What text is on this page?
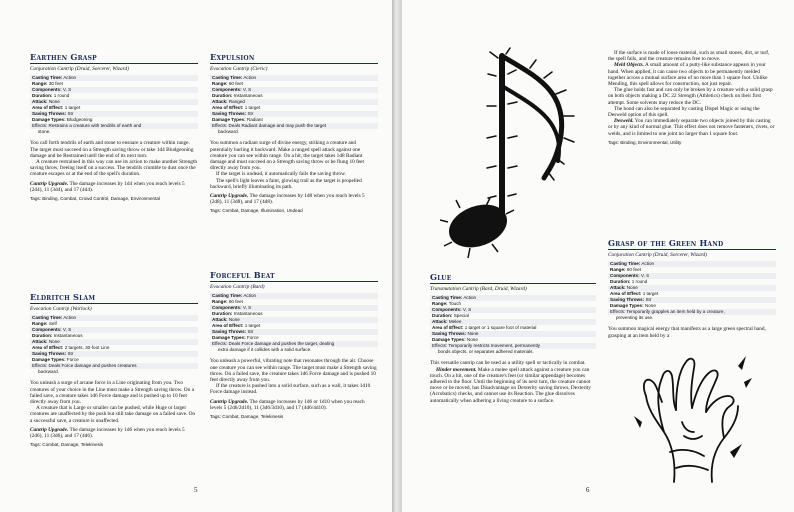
Earthen Grasp
Conjuration Cantrip (Druid, Sorcerer, Wizard)
Casting Time: Action
Range: 30 feet
Components: V, S
Duration: 1 round
Attack: None
Area of Effect: 1 target
Saving Throws: Str
Damage Types: Bludgeoning
Effects: Restrains a creature with tendrils of earth and
stone.

You call forth tendrils of earth and stone to ensnare a creature within range. The target must succeed on a Strength saving throw or take 1d4 Bludgeoning damage and be Restrained until the end of its next turn.

A creature restrained in this way can use its action to make another Strength saving throw, freeing itself on a success. The tendrils crumble to dust once the creature escapes or at the end of the spell's duration.

Cantrip Upgrade. The damage increases by 1d4 when you reach levels 5 (2d4), 11 (3d4), and 17 (4d4).
Tags: Binding, Combat, Crowd Control, Damage, Environmental
Eldritch Slam
Evocation Cantrip (Warlock)
Casting Time: Action
Range: Self
Components: V, S
Duration: Instantaneous
Attack: None
Area of Effect: 2 targets, 30-foot Line
Saving Throws: Str
Damage Types: Force
Effects: Deals Force damage and pushes creatures
backward.

You unleash a surge of arcane force in a Line originating from you. Two creatures of your choice in the Line must make a Strength saving throw. On a failed save, a creature takes 1d6 Force damage and is pushed up to 10 feet directly away from you.

A creature that is Large or smaller can be pushed, while Huge or larger creatures are unaffected by the push but still take damage on a failed save. On a successful save, a creature is unaffected.

Cantrip Upgrade. The damage increases by 1d6 when you reach levels 5 (2d6), 11 (3d6), and 17 (4d6).
Tags: Combat, Damage, Telekinesis
Expulsion
Evocation Cantrip (Cleric)
Casting Time: Action
Range: 60 feet
Components: V, S
Duration: Instantaneous
Attack: Ranged
Area of Effect: 1 target
Saving Throws: Str
Damage Types: Radiant
Effects: Deals Radiant damage and may push the target
backward.

You summon a radiant surge of divine energy, striking a creature and potentially hurling it backward. Make a ranged spell attack against one creature you can see within range. On a hit, the target takes 1d8 Radiant damage and must succeed on a Strength saving throw or be flung 10 feet directly away from you.

If the target is undead, it automatically fails the saving throw.

The spell's light leaves a faint, glowing trail as the target is propelled backward, briefly illuminating its path.

Cantrip Upgrade. The damage increases by 1d8 when you reach levels 5 (2d8), 11 (3d8), and 17 (4d8).
Tags: Combat, Damage, Illumination, Undead
Forceful Beat
Evocation Cantrip (Bard)
Casting Time: Action
Range: 60 feet
Components: V, S
Duration: Instantaneous
Attack: None
Area of Effect: 1 target
Saving Throws: Str
Damage Types: Force
Effects: Deals Force damage and pushes the target, dealing
extra damage if it collides with a solid surface.

You unleash a powerful, vibrating note that resonates through the air. Choose one creature you can see within range. The target must make a Strength saving throw. On a failed save, the creature takes 1d6 Force damage and is pushed 10 feet directly away from you.

If the creature is pushed into a solid surface, such as a wall, it takes 1d10 Force damage instead.

Cantrip Upgrade. The damage increases by 1d6 or 1d10 when you reach levels 5 (2d6/2d10), 11 (3d6/3d10), and 17 (4d6/4d10).
Tags: Combat, Damage, Telekinesis
5
Glue
Transmutation Cantrip (Bard, Druid, Wizard)
Casting Time: Action
Range: Touch
Components: V, S
Duration: Special
Attack: Melee
Area of Effect: 1 target or 1 square foot of material
Saving Throws: None
Damage Types: None
Effects: Temporarily restricts movement, permanently
bonds objects, or separates adhered materials.

This versatile cantrip can be used as a utility spell or tactically in combat.

Hinder movement. Make a melee spell attack against a creature you can touch. On a hit, one of the creature's feet (or similar appendage) becomes adhered to the floor. Until the beginning of its next turn, the creature cannot move or be moved, has Disadvantage on Dexterity saving throws, Dexterity (Acrobatics) checks, and cannot use its Reaction. The glue dissolves automatically when adhering a living creature to a surface.

If the surface is made of loose material, such as small stones, dirt, or turf, the spell fails, and the creature remains free to move.

Meld Objects. A small amount of a putty-like substance appears in your hand. When applied, it can cause two objects to be permanently melded together across a mutual surface area of no more than 1 square foot. Unlike Mending, this spell allows for construction, not just repair.

The glue holds fast and can only be broken by a creature with a solid grasp on both objects making a DC 22 Strength (Athletics) check on their first attempt. Some solvents may reduce the DC.

The bond can also be separated by casting Dispel Magic or using the Desweld option of this spell.

Desweld. You can immediately separate two objects joined by this casting or by any kind of normal glue. This effect does not remove fasteners, rivets, or welds, and is limited to one joint no larger than 1 square foot.

Tags: Binding, Environmental, Utility
Grasp of the Green Hand
Conjuration Cantrip (Druid, Sorcerer, Wizard)
Casting Time: Action
Range: 60 feet
Components: V, S
Duration: 1 round
Attack: None
Area of Effect: 1 target
Saving Throws: Str
Damage Types: None
Effects: Temporarily grapples an item held by a creature,
preventing its use.

You summon magical energy that manifests as a large green spectral hand, grasping at an item held by a

6
